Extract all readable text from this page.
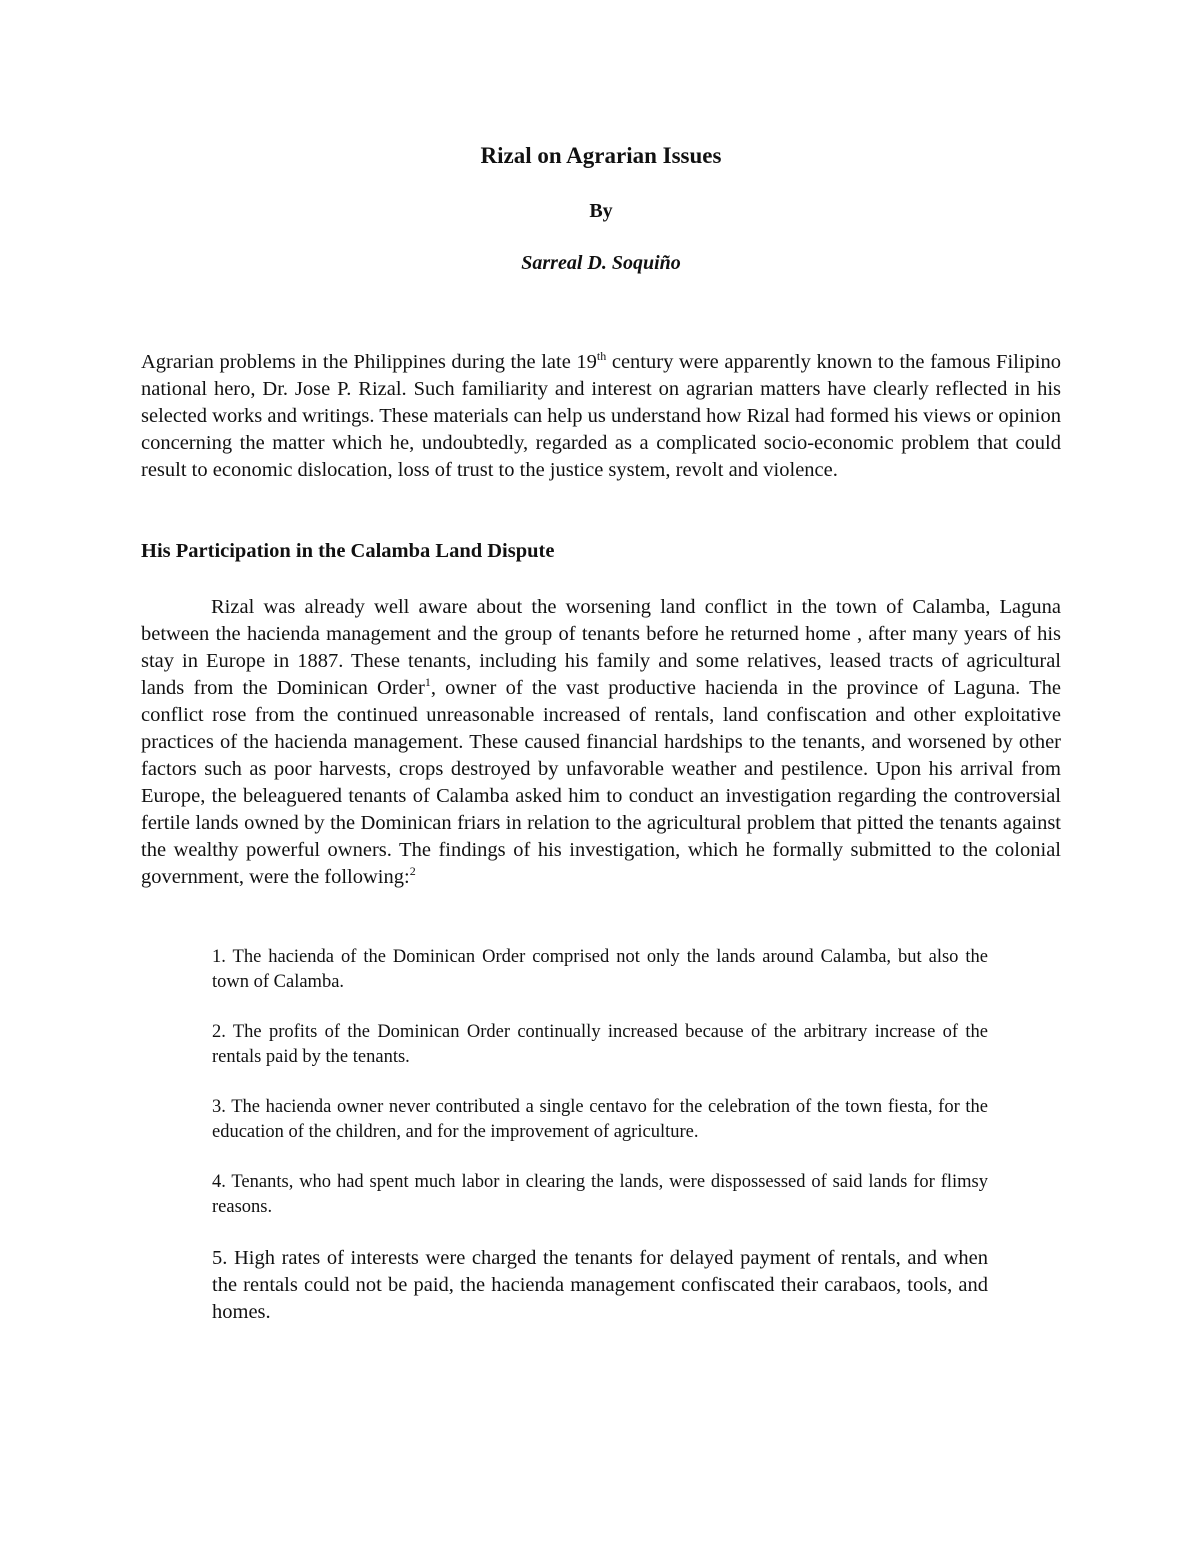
Rizal on Agrarian Issues

By

Sarreal D. Soquiño

Agrarian problems in the Philippines during the late 19th century were apparently known to the famous Filipino national hero, Dr. Jose P. Rizal. Such familiarity and interest on agrarian matters have clearly reflected in his selected works and writings. These materials can help us understand how Rizal had formed his views or opinion concerning the matter which he, undoubtedly, regarded as a complicated socio-economic problem that could result to economic dislocation, loss of trust to the justice system, revolt and violence.

His Participation in the Calamba Land Dispute

Rizal was already well aware about the worsening land conflict in the town of Calamba, Laguna between the hacienda management and the group of tenants before he returned home , after many years of his stay in Europe in 1887. These tenants, including his family and some relatives, leased tracts of agricultural lands from the Dominican Order$^1$, owner of the vast productive hacienda in the province of Laguna. The conflict rose from the continued unreasonable increased of rentals, land confiscation and other exploitative practices of the hacienda management. These caused financial hardships to the tenants, and worsened by other factors such as poor harvests, crops destroyed by unfavorable weather and pestilence. Upon his arrival from Europe, the beleaguered tenants of Calamba asked him to conduct an investigation regarding the controversial fertile lands owned by the Dominican friars in relation to the agricultural problem that pitted the tenants against the wealthy powerful owners. The findings of his investigation, which he formally submitted to the colonial government, were the following:$^2$

1. The hacienda of the Dominican Order comprised not only the lands around Calamba, but also the town of Calamba.
2. The profits of the Dominican Order continually increased because of the arbitrary increase of the rentals paid by the tenants.
3. The hacienda owner never contributed a single centavo for the celebration of the town fiesta, for the education of the children, and for the improvement of agriculture.
4. Tenants, who had spent much labor in clearing the lands, were dispossessed of said lands for flimsy reasons.
5. High rates of interests were charged the tenants for delayed payment of rentals, and when the rentals could not be paid, the hacienda management confiscated their carabaos, tools, and homes.
